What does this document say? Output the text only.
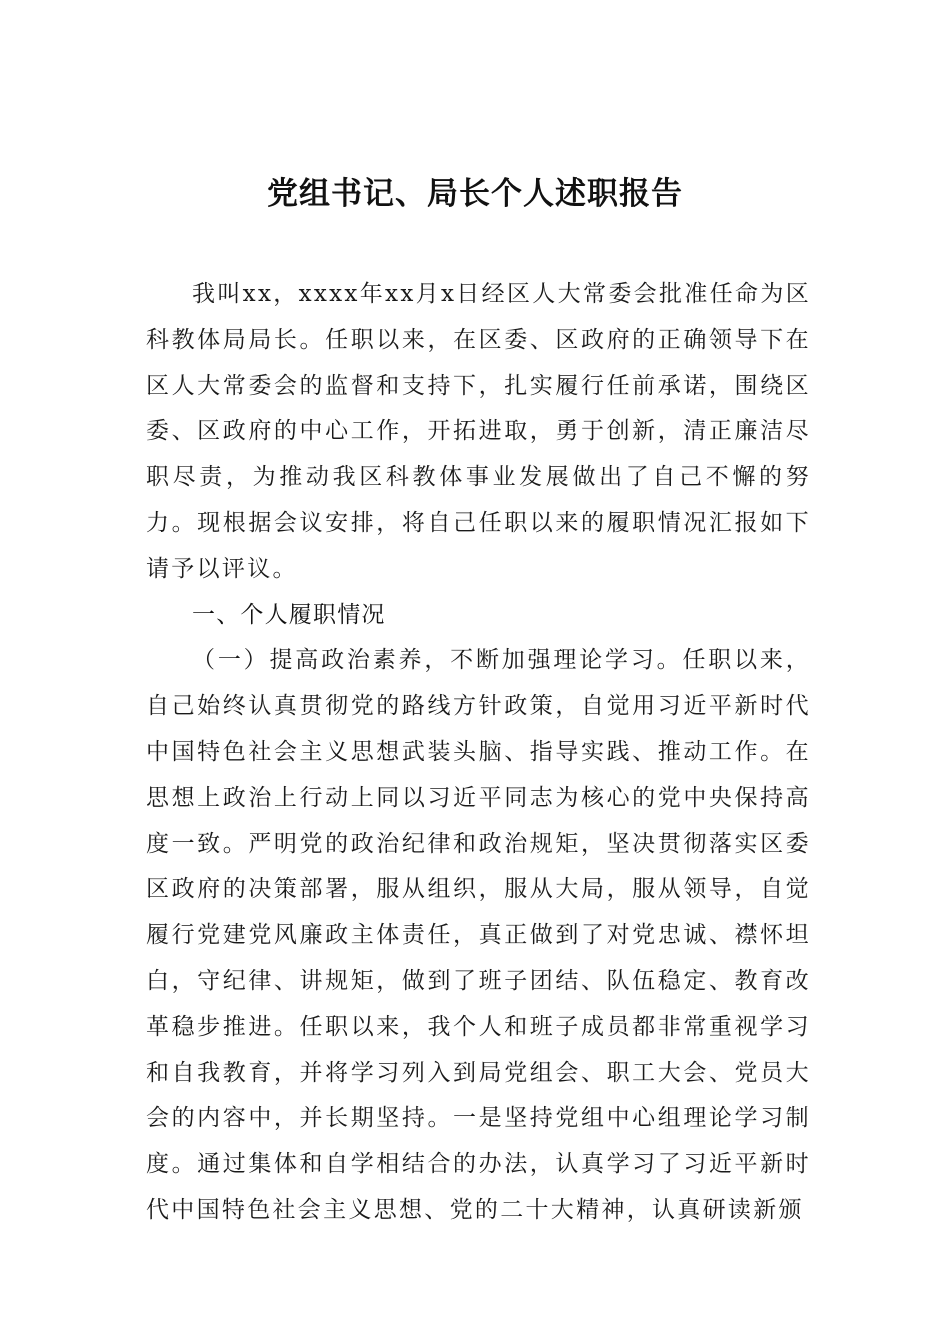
党组书记、局长个人述职报告

我叫xx，xxxx年xx月x日经区人大常委会批准任命为区科教体局局长。任职以来，在区委、区政府的正确领导下在区人大常委会的监督和支持下，扎实履行任前承诺，围绕区委、区政府的中心工作，开拓进取，勇于创新，清正廉洁尽职尽责，为推动我区科教体事业发展做出了自己不懈的努力。现根据会议安排，将自己任职以来的履职情况汇报如下请予以评议。

一、个人履职情况

（一）提高政治素养，不断加强理论学习。任职以来，自己始终认真贯彻党的路线方针政策，自觉用习近平新时代中国特色社会主义思想武装头脑、指导实践、推动工作。在思想上政治上行动上同以习近平同志为核心的党中央保持高度一致。严明党的政治纪律和政治规矩，坚决贯彻落实区委区政府的决策部署，服从组织，服从大局，服从领导，自觉履行党建党风廉政主体责任，真正做到了对党忠诚、襟怀坦白，守纪律、讲规矩，做到了班子团结、队伍稳定、教育改革稳步推进。任职以来，我个人和班子成员都非常重视学习和自我教育，并将学习列入到局党组会、职工大会、党员大会的内容中，并长期坚持。一是坚持党组中心组理论学习制度。通过集体和自学相结合的办法，认真学习了习近平新时代中国特色社会主义思想、党的二十大精神，认真研读新颁
